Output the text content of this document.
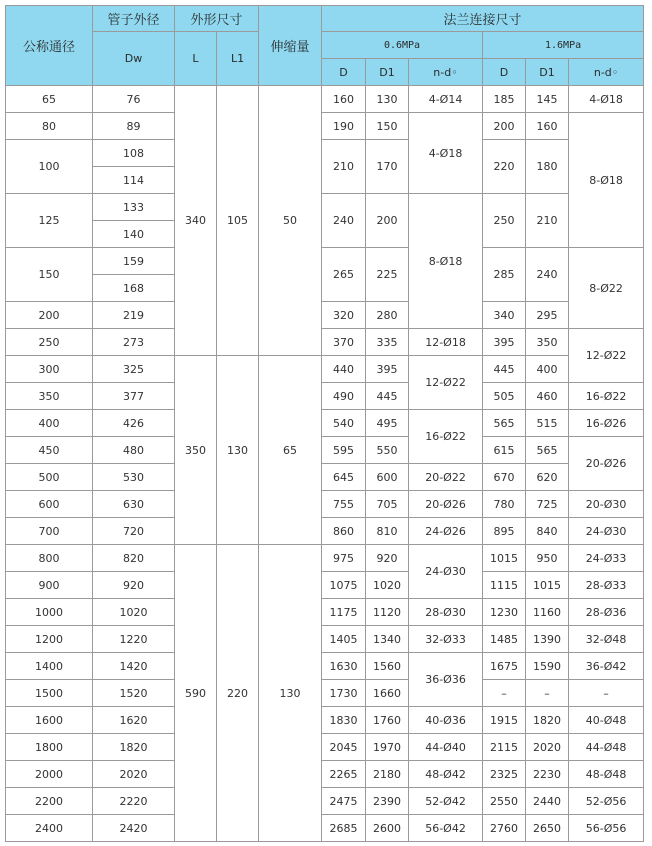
公称通径	管子外径	外形尺寸		伸缩量	法兰连接尺寸					
	Dw	L	L1		0.6MPa			1.6MPa		
					D	D1	n-d◦	D	D1	n-d◦
65	76	340	105	50	160	130	4-Ø14	185	145	4-Ø18
80	89				190	150	4-Ø18	200	160	8-Ø18
100	108				210	170		220	180	
	114									
125	133				240	200	8-Ø18	250	210	
	140									
150	159				265	225		285	240	8-Ø22
	168									
200	219				320	280		340	295	
250	273				370	335	12-Ø18	395	350	12-Ø22
300	325	350	130	65	440	395	12-Ø22	445	400	
350	377				490	445		505	460	16-Ø22
400	426				540	495	16-Ø22	565	515	16-Ø26
450	480				595	550		615	565	20-Ø26
500	530				645	600	20-Ø22	670	620	
600	630				755	705	20-Ø26	780	725	20-Ø30
700	720				860	810	24-Ø26	895	840	24-Ø30
800	820	590	220	130	975	920	24-Ø30	1015	950	24-Ø33
900	920				1075	1020		1115	1015	28-Ø33
1000	1020				1175	1120	28-Ø30	1230	1160	28-Ø36
1200	1220				1405	1340	32-Ø33	1485	1390	32-Ø48
1400	1420				1630	1560	36-Ø36	1675	1590	36-Ø42
1500	1520				1730	1660		–	–	–
1600	1620				1830	1760	40-Ø36	1915	1820	40-Ø48
1800	1820				2045	1970	44-Ø40	2115	2020	44-Ø48
2000	2020				2265	2180	48-Ø42	2325	2230	48-Ø48
2200	2220				2475	2390	52-Ø42	2550	2440	52-Ø56
2400	2420				2685	2600	56-Ø42	2760	2650	56-Ø56
